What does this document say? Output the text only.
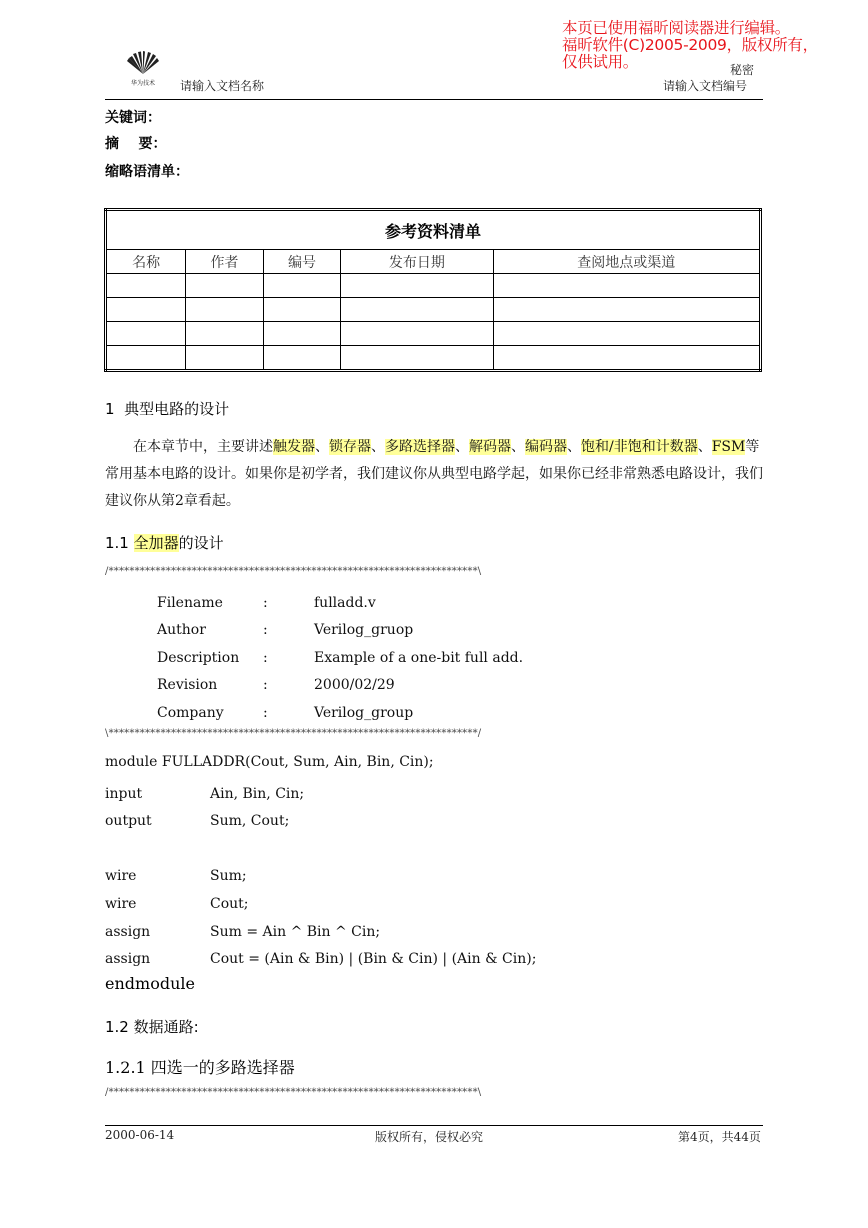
本页已使用福昕阅读器进行编辑。
福昕软件(C)2005-2009，版权所有，
仅供试用。
华为技术 请输入文档名称
秘密
请输入文档编号
关键词：
摘    要：
缩略语清单：
参考资料清单				
名称	作者	编号	发布日期	查阅地点或渠道

1 典型电路的设计
在本章节中，主要讲述触发器、锁存器、多路选择器、解码器、编码器、饱和/非饱和计数器、FSM等常用基本电路的设计。如果你是初学者，我们建议你从典型电路学起，如果你已经非常熟悉电路设计，我们建议你从第2章看起。
1.1 全加器的设计
/***********************************************************************\
Filename	:	fulladd.v
Author	:	Verilog_gruop
Description :	Example of a one-bit full add.
Revision	:	2000/02/29
Company	:	Verilog_group
\***********************************************************************/
module FULLADDR(Cout, Sum, Ain, Bin, Cin);
input	Ain, Bin, Cin;
output	Sum, Cout;
wire	Sum;
wire	Cout;
assign	Sum = Ain ^ Bin ^ Cin;
assign	Cout = (Ain & Bin) | (Bin & Cin) | (Ain & Cin);
endmodule
1.2 数据通路:
1.2.1 四选一的多路选择器
/***********************************************************************\
2000-06-14	版权所有，侵权必究	第4页，共44页
